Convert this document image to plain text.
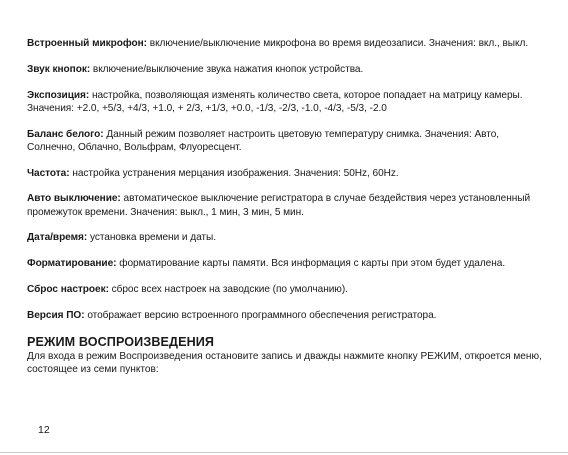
Встроенный микрофон: включение/выключение микрофона во время видеозаписи. Значения: вкл., выкл.

Звук кнопок: включение/выключение звука нажатия кнопок устройства.

Экспозиция: настройка, позволяющая изменять количество света, которое попадает на матрицу камеры. Значения: +2.0, +5/3, +4/3, +1.0, + 2/3, +1/3, +0.0, -1/3, -2/3, -1.0, -4/3, -5/3, -2.0

Баланс белого: Данный режим позволяет настроить цветовую температуру снимка. Значения: Авто, Солнечно, Облачно, Вольфрам, Флуоресцент.

Частота: настройка устранения мерцания изображения. Значения: 50Hz, 60Hz.

Авто выключение: автоматическое выключение регистратора в случае бездействия через установленный промежуток времени. Значения: выкл., 1 мин, 3 мин, 5 мин.

Дата/время: установка времени и даты.

Форматирование: форматирование карты памяти. Вся информация с карты при этом будет удалена.

Сброс настроек: сброс всех настроек на заводские (по умолчанию).

Версия ПО: отображает версию встроенного программного обеспечения регистратора.

РЕЖИМ ВОСПРОИЗВЕДЕНИЯ

Для входа в режим Воспроизведения остановите запись и дважды нажмите кнопку РЕЖИМ, откроется меню, состоящее из семи пунктов:

12
